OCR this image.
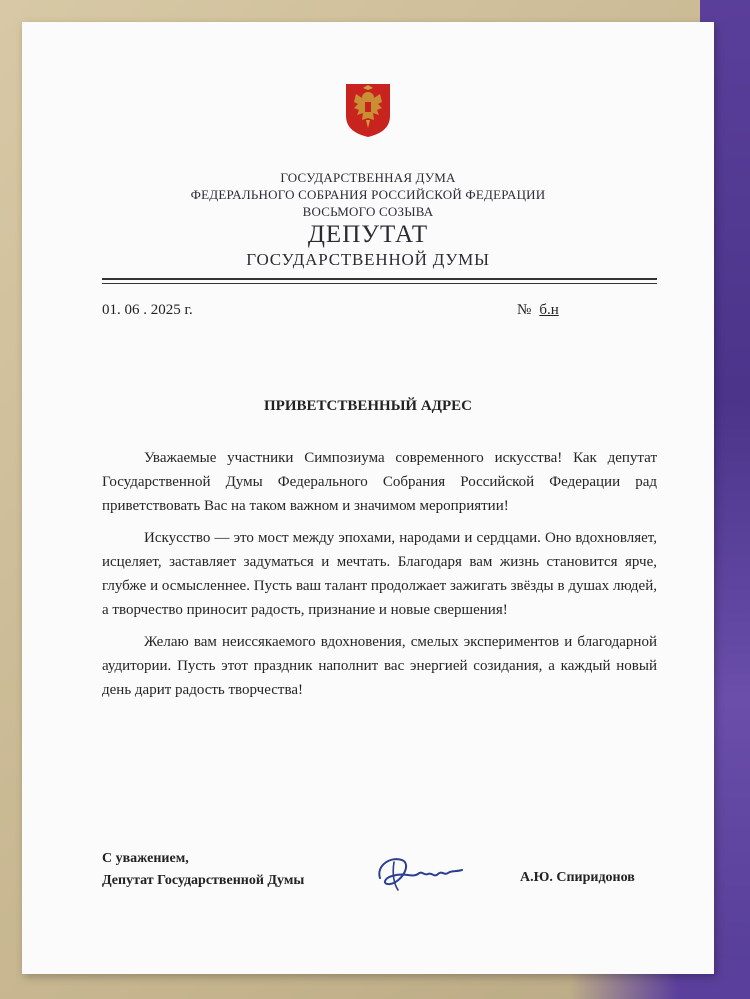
ГОСУДАРСТВЕННАЯ ДУМА
ФЕДЕРАЛЬНОГО СОБРАНИЯ РОССИЙСКОЙ ФЕДЕРАЦИИ
ВОСЬМОГО СОЗЫВА
ДЕПУТАТ
ГОСУДАРСТВЕННОЙ ДУМЫ
01. 06 . 2025 г.	№ б.н
ПРИВЕТСТВЕННЫЙ АДРЕС

Уважаемые участники Симпозиума современного искусства! Как депутат Государственной Думы Федерального Собрания Российской Федерации рад приветствовать Вас на таком важном и значимом мероприятии!

Искусство — это мост между эпохами, народами и сердцами. Оно вдохновляет, исцеляет, заставляет задуматься и мечтать. Благодаря вам жизнь становится ярче, глубже и осмысленнее. Пусть ваш талант продолжает зажигать звёзды в душах людей, а творчество приносит радость, признание и новые свершения!

Желаю вам неиссякаемого вдохновения, смелых экспериментов и благодарной аудитории. Пусть этот праздник наполнит вас энергией созидания, а каждый новый день дарит радость творчества!

С уважением,
Депутат Государственной Думы	А.Ю. Спиридонов
